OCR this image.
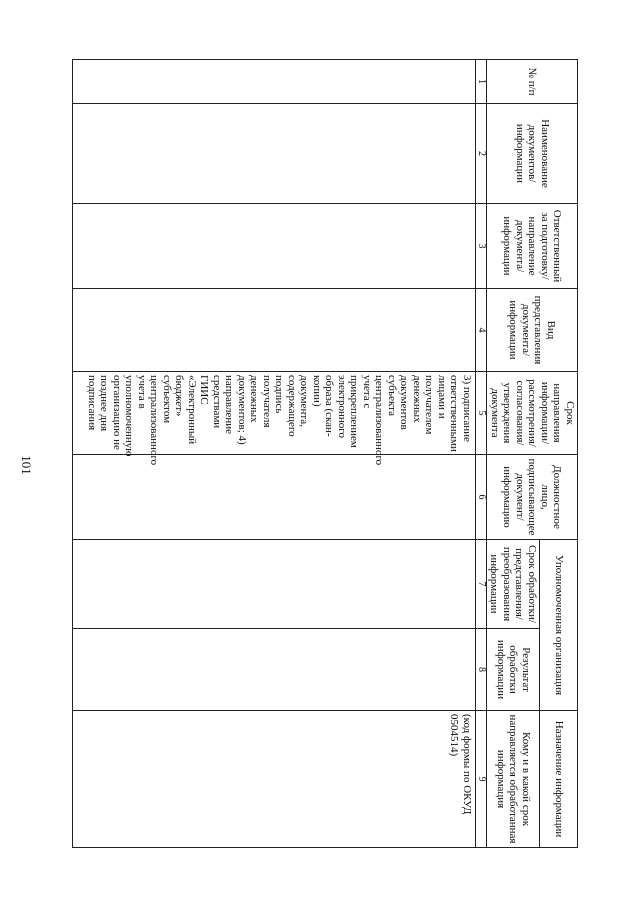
101
№ п/п	Наименование документов/ информации	Ответственный за подготовку/ направление документа/ информации	Вид представления документа/ информации	Срок направления информации/ рассмотрения/ согласования/ утверждения документа	Должностное лицо, подписывающее документ/ информацию	Уполномоченная организация		Назначение информации
						Срок обработки/ представления/ преобразования информации	Результат обработки информации	Кому и в какой срок направляется обработанная информация
1	2	3	4	5	6	7	8	9

				3) подписание ответственными лицами и получателем денежных документов субъекта централизованного учета с прикреплением электронного образа (скан-копии) документа, содержащего подпись получателя денежных документов; 4) направление средствами ГИИС «Электронный бюджет» субъектом централизованного учета в уполномоченную организацию не позднее дня подписания				(код формы по ОКУД 0504514)
